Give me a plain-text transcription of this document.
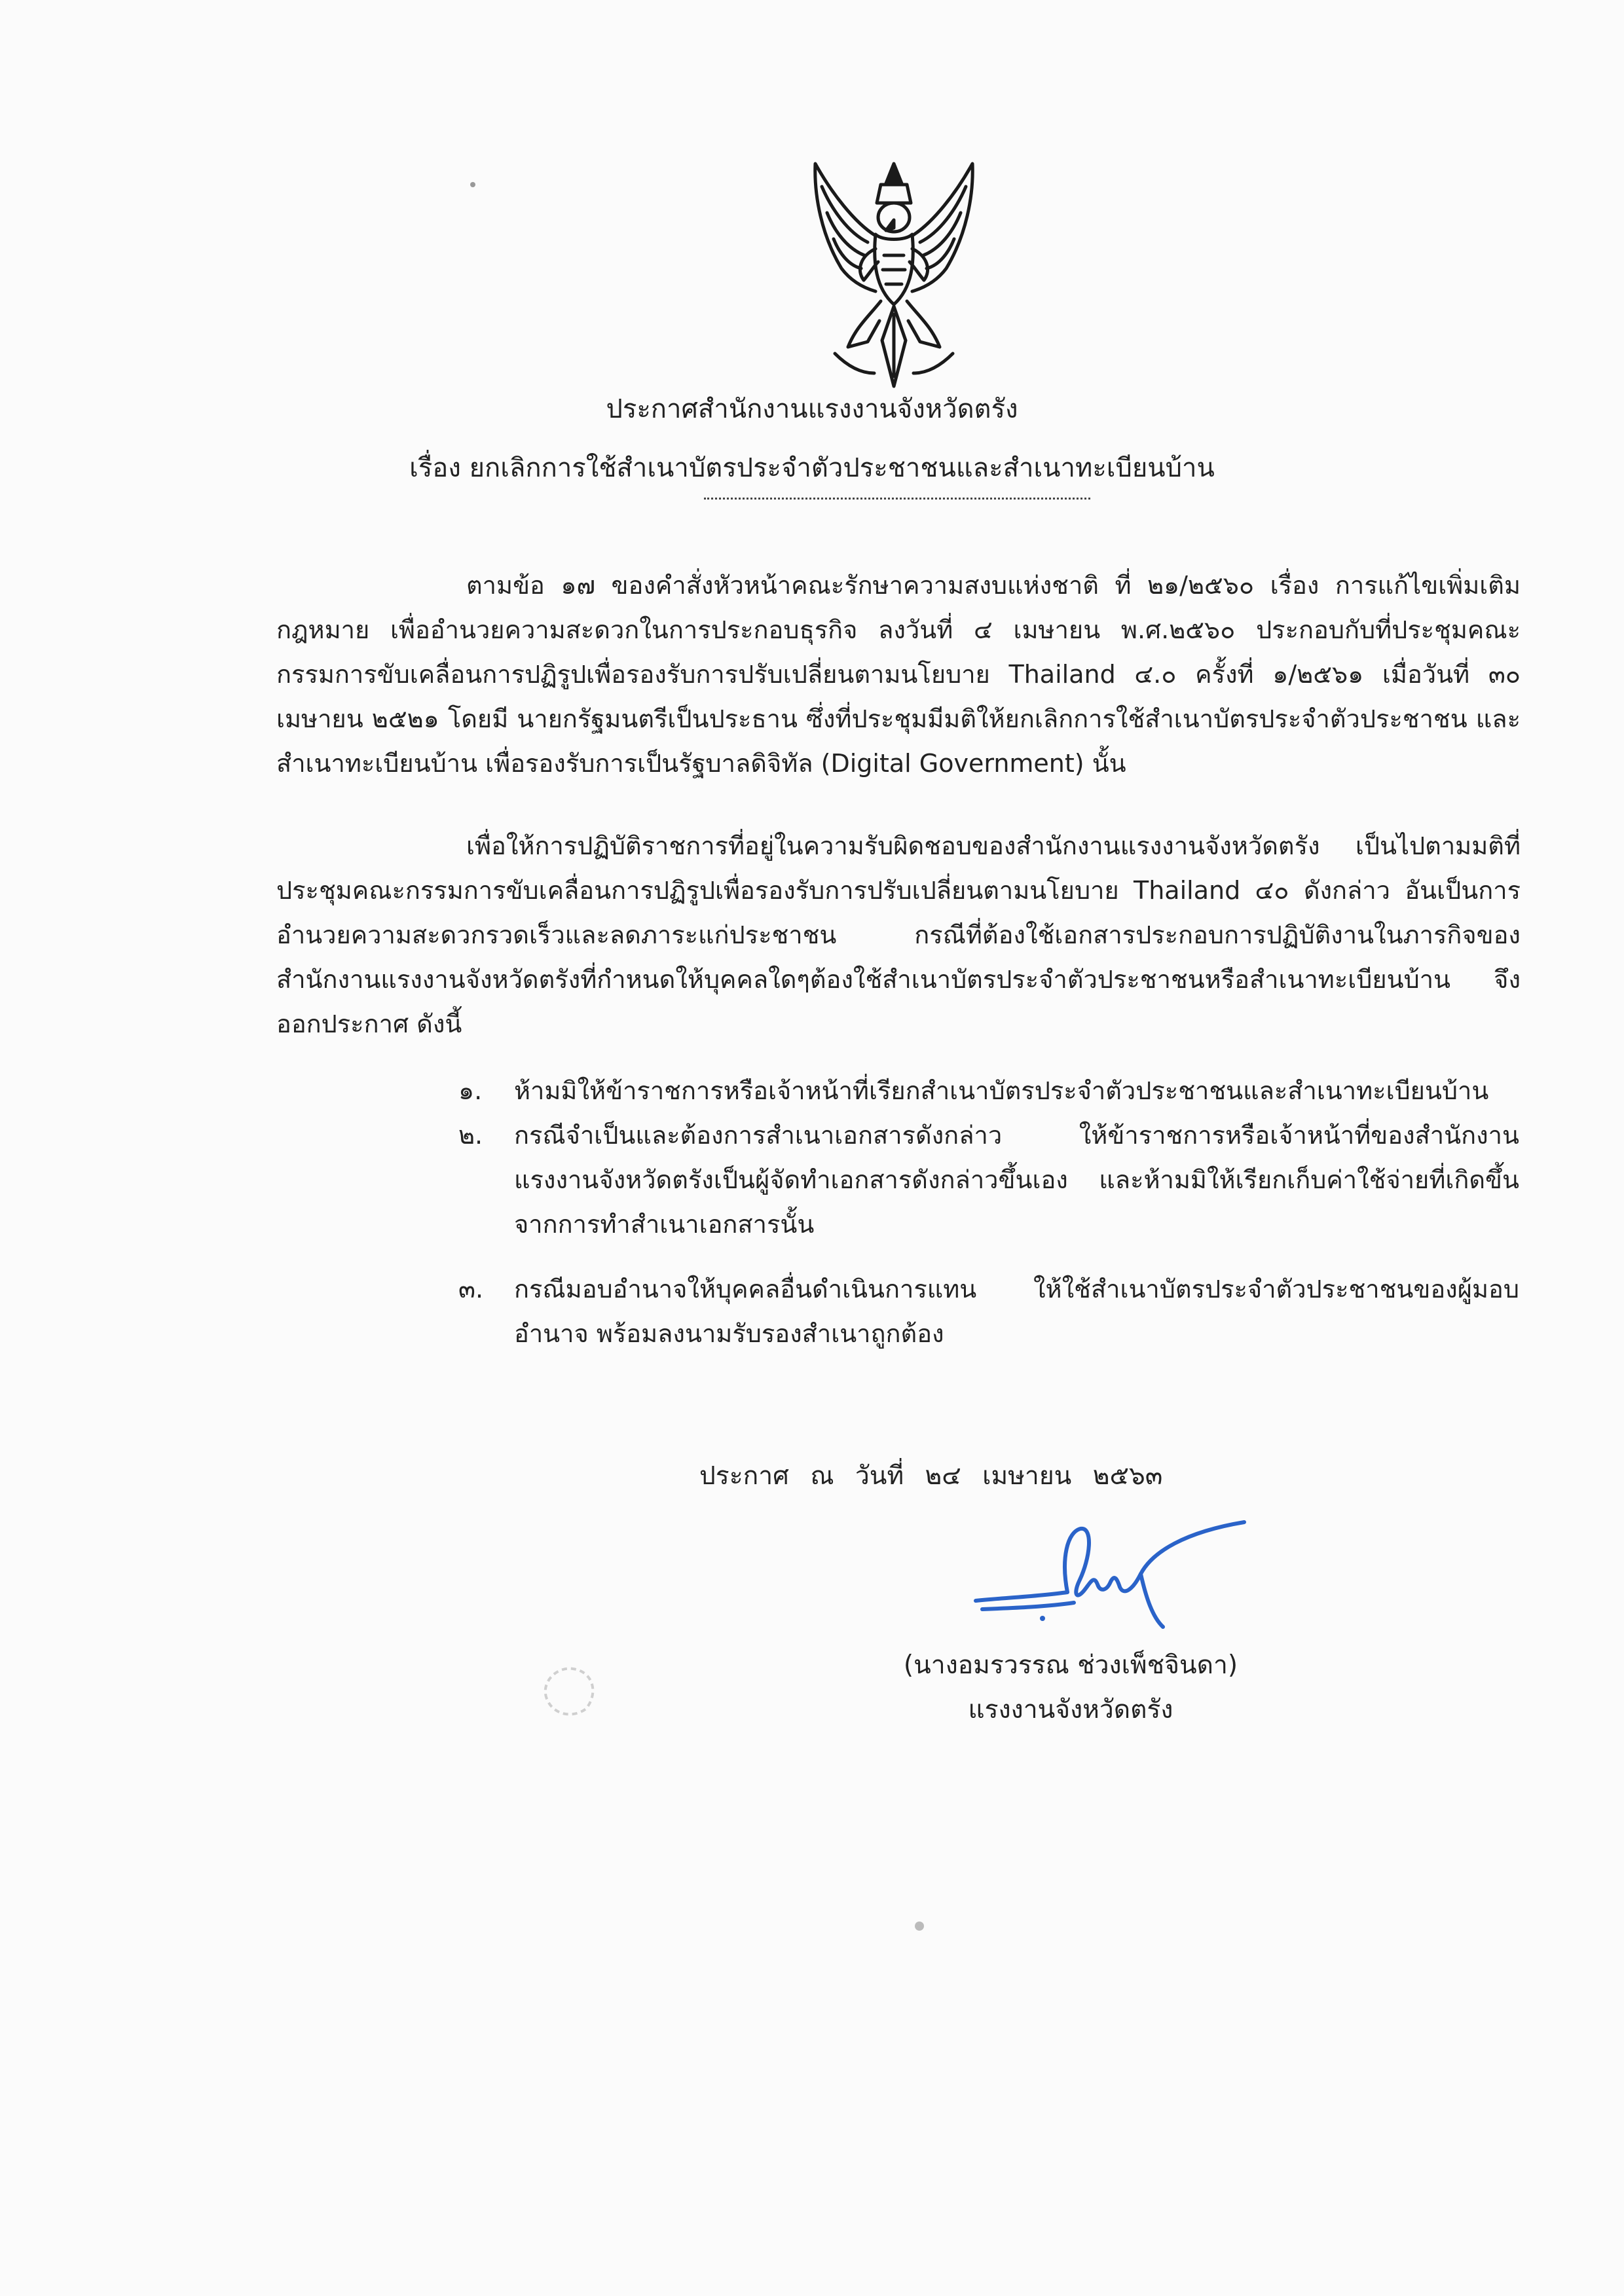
ประกาศสำนักงานแรงงานจังหวัดตรัง
เรื่อง ยกเลิกการใช้สำเนาบัตรประจำตัวประชาชนและสำเนาทะเบียนบ้าน
ตามข้อ ๑๗ ของคำสั่งหัวหน้าคณะรักษาความสงบแห่งชาติ ที่ ๒๑/๒๕๖๐ เรื่อง การแก้ไขเพิ่มเติมกฎหมาย เพื่ออำนวยความสะดวกในการประกอบธุรกิจ ลงวันที่ ๔ เมษายน พ.ศ.๒๕๖๐ ประกอบกับที่ประชุมคณะกรรมการขับเคลื่อนการปฏิรูปเพื่อรองรับการปรับเปลี่ยนตามนโยบาย Thailand ๔.๐ ครั้งที่ ๑/๒๕๖๑ เมื่อวันที่ ๓๐ เมษายน ๒๕๒๑ โดยมี นายกรัฐมนตรีเป็นประธาน ซึ่งที่ประชุมมีมติให้ยกเลิกการใช้สำเนาบัตรประจำตัวประชาชน และสำเนาทะเบียนบ้าน เพื่อรองรับการเป็นรัฐบาลดิจิทัล (Digital Government) นั้น
เพื่อให้การปฏิบัติราชการที่อยู่ในความรับผิดชอบของสำนักงานแรงงานจังหวัดตรัง เป็นไปตามมติที่ประชุมคณะกรรมการขับเคลื่อนการปฏิรูปเพื่อรองรับการปรับเปลี่ยนตามนโยบาย Thailand ๔๐ ดังกล่าว อันเป็นการอำนวยความสะดวกรวดเร็วและลดภาระแก่ประชาชน กรณีที่ต้องใช้เอกสารประกอบการปฏิบัติงานในภารกิจของสำนักงานแรงงานจังหวัดตรังที่กำหนดให้บุคคลใดๆต้องใช้สำเนาบัตรประจำตัวประชาชนหรือสำเนาทะเบียนบ้าน จึงออกประกาศ ดังนี้
๑.	ห้ามมิให้ข้าราชการหรือเจ้าหน้าที่เรียกสำเนาบัตรประจำตัวประชาชนและสำเนาทะเบียนบ้าน
๒.	กรณีจำเป็นและต้องการสำเนาเอกสารดังกล่าว ให้ข้าราชการหรือเจ้าหน้าที่ของสำนักงานแรงงานจังหวัดตรังเป็นผู้จัดทำเอกสารดังกล่าวขึ้นเอง และห้ามมิให้เรียกเก็บค่าใช้จ่ายที่เกิดขึ้นจากการทำสำเนาเอกสารนั้น
๓.	กรณีมอบอำนาจให้บุคคลอื่นดำเนินการแทน ให้ใช้สำเนาบัตรประจำตัวประชาชนของผู้มอบอำนาจ พร้อมลงนามรับรองสำเนาถูกต้อง
ประกาศ ณ วันที่ ๒๔ เมษายน ๒๕๖๓
(นางอมรวรรณ ช่วงเพ็ชจินดา)
แรงงานจังหวัดตรัง
